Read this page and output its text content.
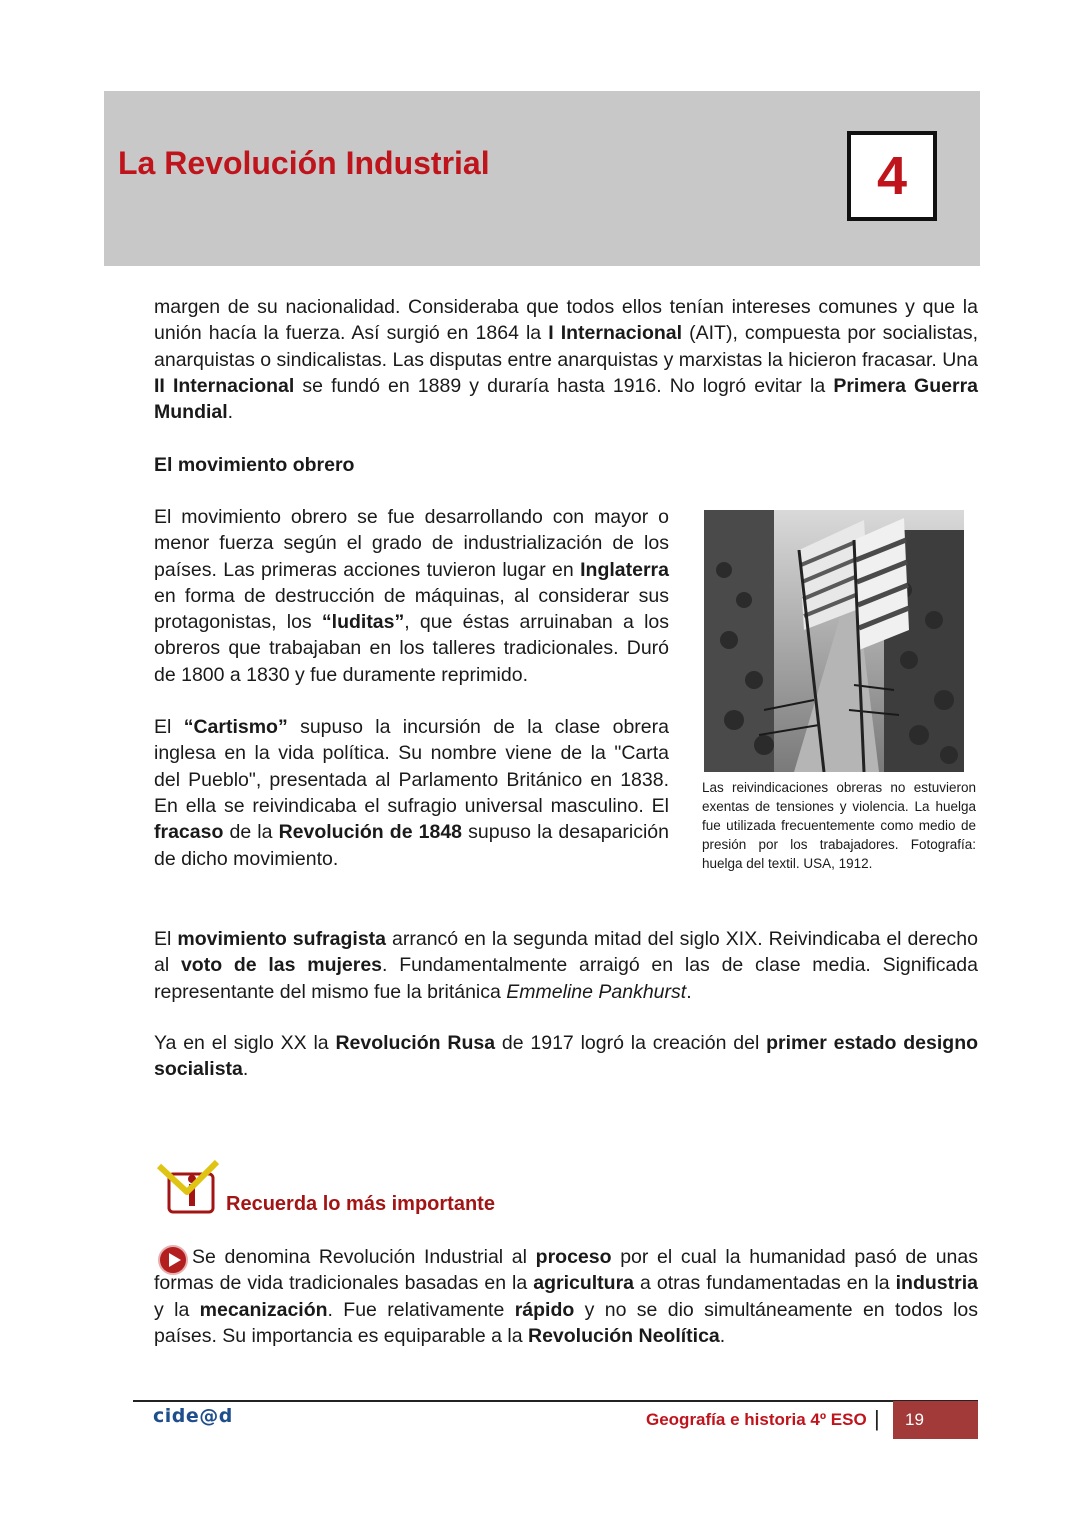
La Revolución Industrial	4

margen de su nacionalidad. Consideraba que todos ellos tenían intereses comunes y que la unión hacía la fuerza. Así surgió en 1864 la I Internacional (AIT), compuesta por socialistas, anarquistas o sindicalistas. Las disputas entre anarquistas y marxistas la hicieron fracasar. Una II Internacional se fundó en 1889 y duraría hasta 1916. No logró evitar la Primera Guerra Mundial.

El movimiento obrero

El movimiento obrero se fue desarrollando con mayor o menor fuerza según el grado de industrialización de los países. Las primeras acciones tuvieron lugar en Inglaterra en forma de destrucción de máquinas, al considerar sus protagonistas, los “luditas”, que éstas arruinaban a los obreros que trabajaban en los talleres tradicionales. Duró de 1800 a 1830 y fue duramente reprimido.

El “Cartismo” supuso la incursión de la clase obrera inglesa en la vida política. Su nombre viene de la "Carta del Pueblo", presentada al Parlamento Británico en 1838. En ella se reivindicaba el sufragio universal masculino. El fracaso de la Revolución de 1848 supuso la desaparición de dicho movimiento.

Las reivindicaciones obreras no estuvieron exentas de tensiones y violencia. La huelga fue utilizada frecuentemente como medio de presión por los trabajadores. Fotografía: huelga del textil. USA, 1912.

El movimiento sufragista arrancó en la segunda mitad del siglo XIX. Reivindicaba el derecho al voto de las mujeres. Fundamentalmente arraigó en las de clase media. Significada representante del mismo fue la británica Emmeline Pankhurst.

Ya en el siglo XX la Revolución Rusa de 1917 logró la creación del primer estado designo socialista.

Recuerda lo más importante

Se denomina Revolución Industrial al proceso por el cual la humanidad pasó de unas formas de vida tradicionales basadas en la agricultura a otras fundamentadas en la industria y la mecanización. Fue relativamente rápido y no se dio simultáneamente en todos los países. Su importancia es equiparable a la Revolución Neolítica.

cide@d	Geografía e historia 4º ESO | 19
